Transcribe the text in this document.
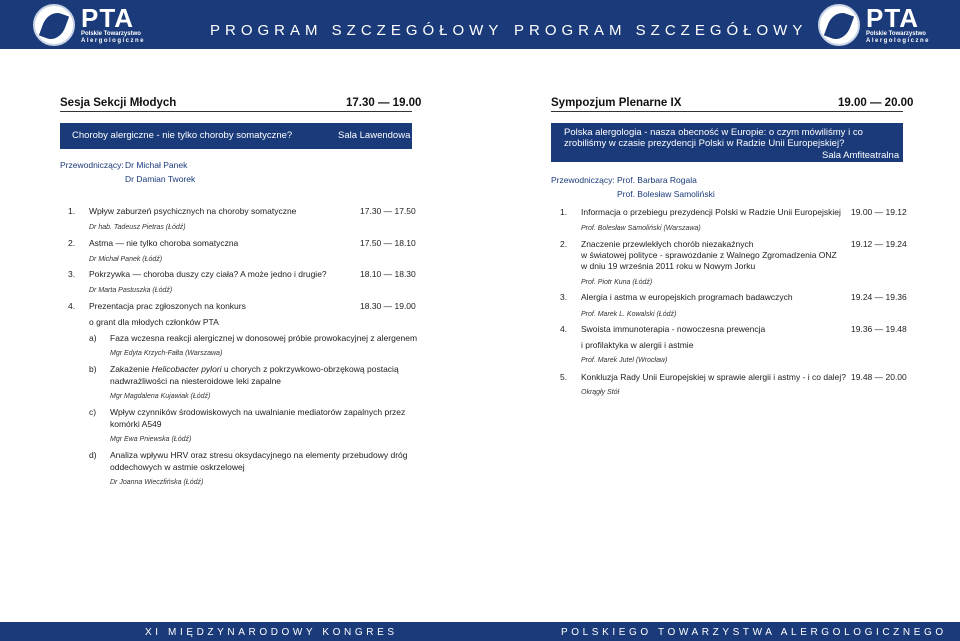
PTA
Polskie Towarzystwo
Alergologiczne
PROGRAM SZCZEGÓŁOWY PROGRAM SZCZEGÓŁOWY PTA
Polskie Towarzystwo
Alergologiczne
Sesja Sekcji Młodych	17.30 — 19.00
Choroby alergiczne - nie tylko choroby somatyczne?	Sala Lawendowa
Przewodniczący: Dr Michał Panek
Dr Damian Tworek
1. Wpływ zaburzeń psychicznych na choroby somatyczne	17.30 — 17.50
Dr hab. Tadeusz Pietras (Łódź)
2. Astma — nie tylko choroba somatyczna	17.50 — 18.10
Dr Michał Panek (Łódź)
3. Pokrzywka — choroba duszy czy ciała? A może jedno i drugie?	18.10 — 18.30
Dr Marta Pastuszka (Łódź)
4. Prezentacja prac zgłoszonych na konkurs	18.30 — 19.00
o grant dla młodych członków PTA
a) Faza wczesna reakcji alergicznej w donosowej próbie prowokacyjnej z alergenem
Mgr Edyta Krzych-Fałta (Warszawa)
b) Zakażenie Helicobacter pylori u chorych z pokrzywkowo-obrzękową postacią
nadwrażliwości na niesteroidowe leki zapalne
Mgr Magdalena Kujawiak (Łódź)
c) Wpływ czynników środowiskowych na uwalnianie mediatorów zapalnych przez
komórki A549
Mgr Ewa Pniewska (Łódź)
d) Analiza wpływu HRV oraz stresu oksydacyjnego na elementy przebudowy dróg
oddechowych w astmie oskrzelowej
Dr Joanna Wieczfińska (Łódź)
Sympozjum Plenarne IX	19.00 — 20.00
Polska alergologia - nasza obecność w Europie: o czym mówiliśmy i co
zrobiliśmy w czasie prezydencji Polski w Radzie Unii Europejskiej?
Sala Amfiteatralna
Przewodniczący: Prof. Barbara Rogala
Prof. Bolesław Samoliński
1. Informacja o przebiegu prezydencji Polski w Radzie Unii Europejskiej 19.00 — 19.12
Prof. Bolesław Samoliński (Warszawa)
2. Znaczenie przewlekłych chorób niezakaźnych	19.12 — 19.24
w światowej polityce - sprawozdanie z Walnego Zgromadzenia ONZ
w dniu 19 września 2011 roku w Nowym Jorku
Prof. Piotr Kuna (Łódź)
3. Alergia i astma w europejskich programach badawczych	19.24 — 19.36
Prof. Marek L. Kowalski (Łódź)
4. Swoista immunoterapia - nowoczesna prewencja	19.36 — 19.48
i profilaktyka w alergii i astmie
Prof. Marek Jutel (Wrocław)
5. Konkluzja Rady Unii Europejskiej w sprawie alergii i astmy - i co dalej? 19.48 — 20.00
Okrągły Stół
XI MIĘDZYNARODOWY KONGRES	POLSKIEGO TOWARZYSTWA ALERGOLOGICZNEGO
